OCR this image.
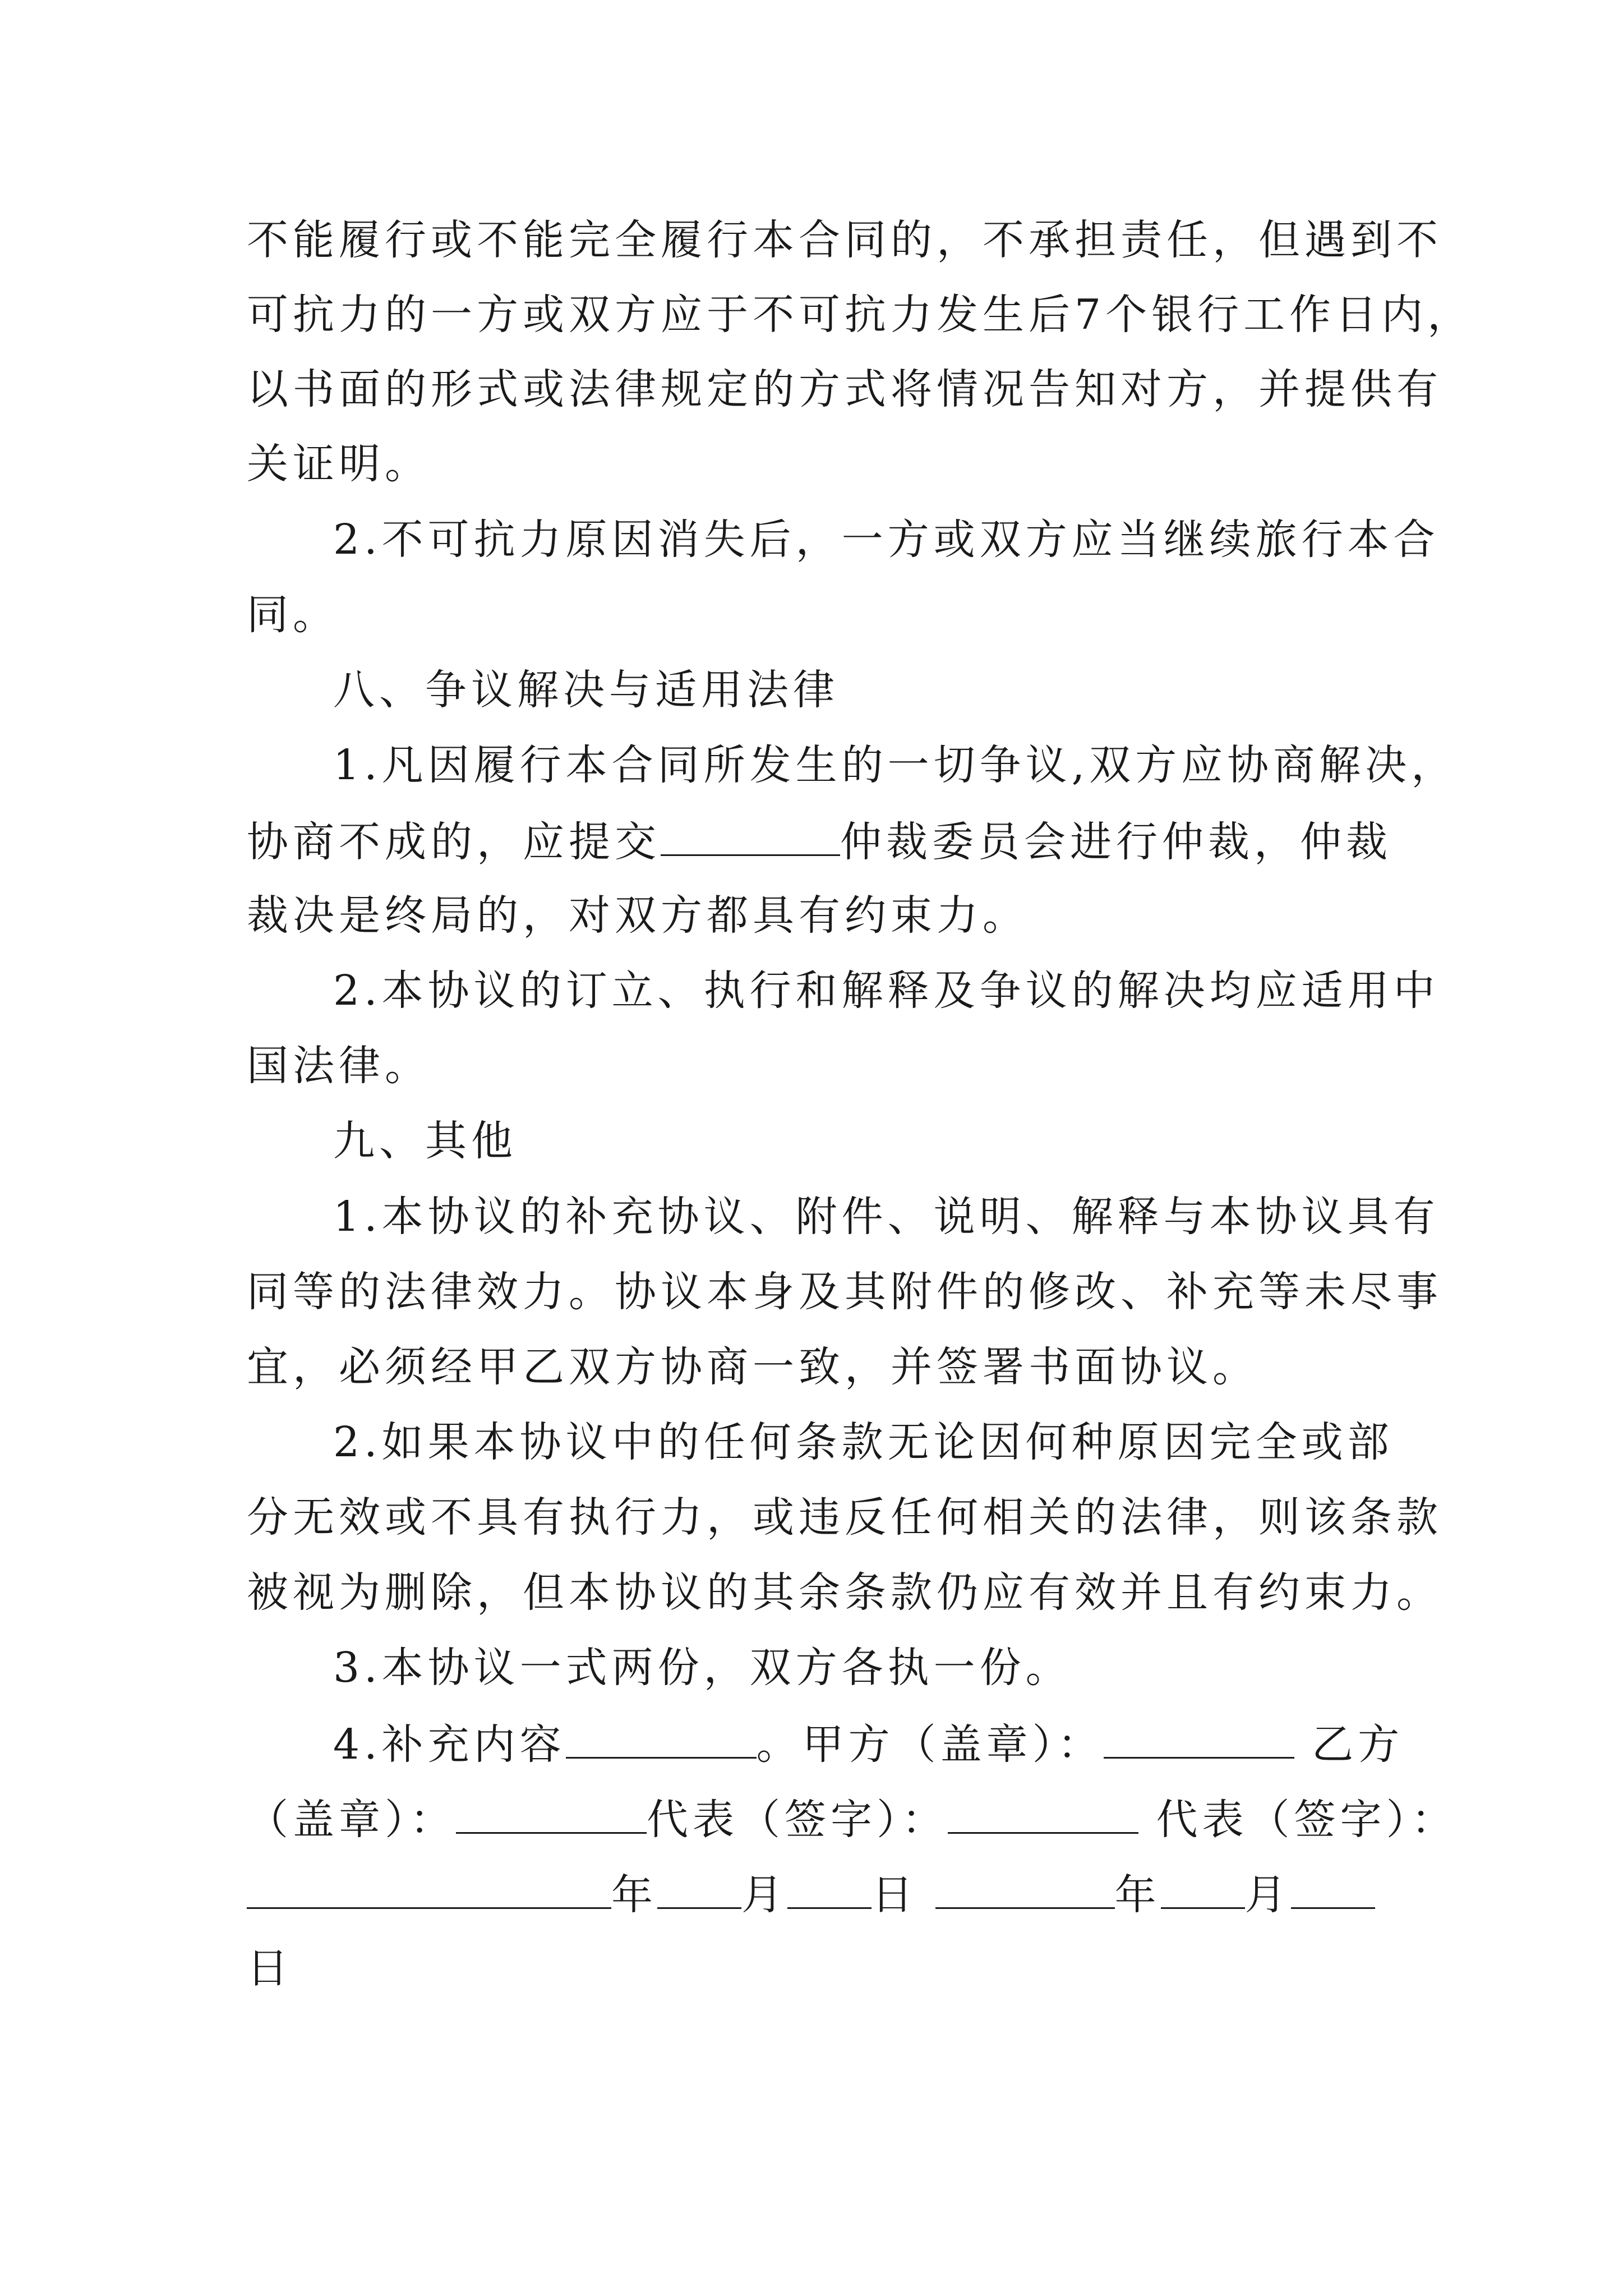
不能履行或不能完全履行本合同的，不承担责任，但遇到不
可抗力的一方或双方应于不可抗力发生后7个银行工作日内，
以书面的形式或法律规定的方式将情况告知对方，并提供有
关证明。
2.不可抗力原因消失后，一方或双方应当继续旅行本合
同。
八、争议解决与适用法律
1.凡因履行本合同所发生的一切争议,双方应协商解决，
协商不成的，应提交	仲裁委员会进行仲裁，仲裁
裁决是终局的，对双方都具有约束力。
2.本协议的订立、执行和解释及争议的解决均应适用中
国法律。
九、其他
1.本协议的补充协议、附件、说明、解释与本协议具有
同等的法律效力。协议本身及其附件的修改、补充等未尽事
宜，必须经甲乙双方协商一致，并签署书面协议。
2.如果本协议中的任何条款无论因何种原因完全或部
分无效或不具有执行力，或违反任何相关的法律，则该条款
被视为删除，但本协议的其余条款仍应有效并且有约束力。
3.本协议一式两份，双方各执一份。
4.补充内容	。甲方（盖章）：	乙方
（盖章）：	代表（签字）：	代表（签字）：
年 月 日	年 月
日
